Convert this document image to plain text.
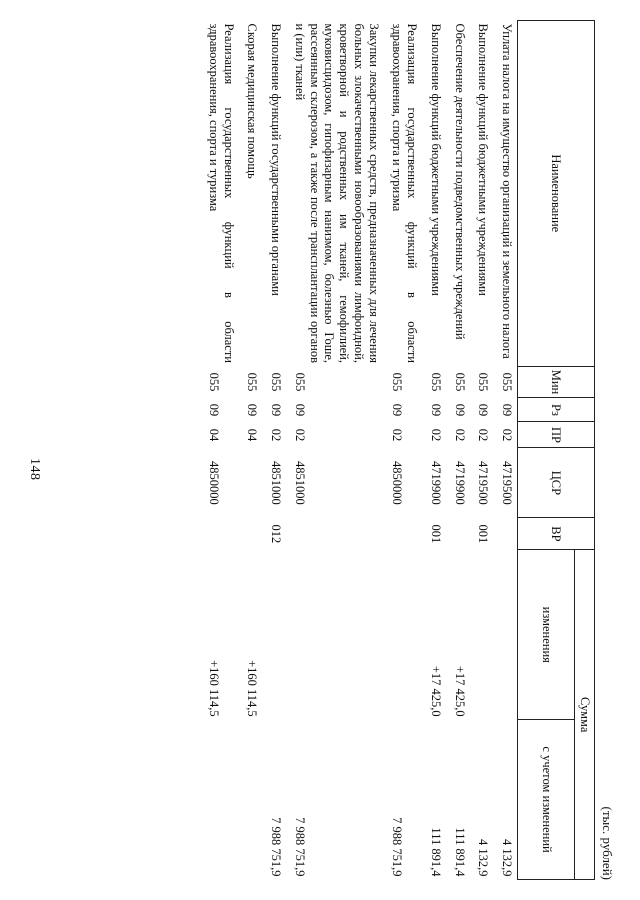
148
(тыс. рублей)
Наименование	Мин	Рз	ПР	ЦСР	ВР	Сумма	
						изменения	с учетом изменений
Уплата налога на имущество организаций и земельного налога	055	09	02	4719500			4 132,9
Выполнение функций бюджетными учреждениями	055	09	02	4719500	001		4 132,9
Обеспечение деятельности подведомственных учреждений	055	09	02	4719900		+17 425,0	111 891,4
Выполнение функций бюджетными учреждениями	055	09	02	4719900	001	+17 425,0	111 891,4
Реализация государственных функций в области здравоохранения, спорта и туризма	055	09	02	4850000			7 988 751,9
Закупки лекарственных средств, предназначенных для лечения больных злокачественными новообразованиями лимфоидной, кроветворной и родственных им тканей, гемофилией, муковисцидозом, гипофизарным нанизмом, болезнью Гоше, рассеянным склерозом, а также после трансплантации органов и (или) тканей	055	09	02	4851000			7 988 751,9
Выполнение функций государственными органами	055	09	02	4851000	012		7 988 751,9
Скорая медицинская помощь	055	09	04			+160 114,5	
Реализация государственных функций в области здравоохранения, спорта и туризма	055	09	04	4850000		+160 114,5	
